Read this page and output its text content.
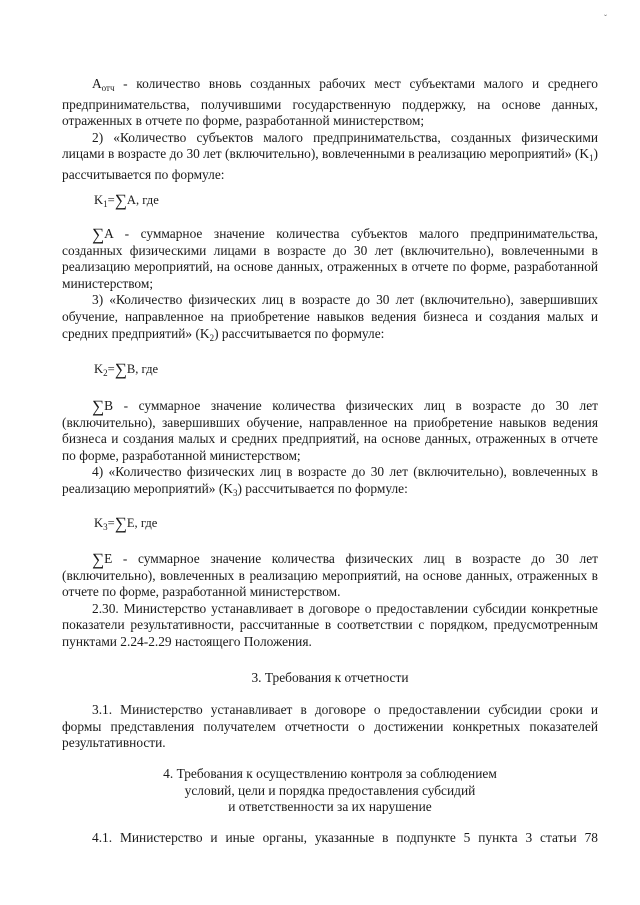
ˇ

$A_{отч}$ - количество вновь созданных рабочих мест субъектами малого и среднего предпринимательства, получившими государственную поддержку, на основе данных, отраженных в отчете по форме, разработанной министерством;

2) «Количество субъектов малого предпринимательства, созданных физическими лицами в возрасте до 30 лет (включительно), вовлеченными в реализацию мероприятий» $(K_1)$ рассчитывается по формуле:

$K_1=\sum A$, где

∑A - суммарное значение количества субъектов малого предпринимательства, созданных физическими лицами в возрасте до 30 лет (включительно), вовлеченными в реализацию мероприятий, на основе данных, отраженных в отчете по форме, разработанной министерством;

3) «Количество физических лиц в возрасте до 30 лет (включительно), завершивших обучение, направленное на приобретение навыков ведения бизнеса и создания малых и средних предприятий» $(K_2)$ рассчитывается по формуле:

$K_2=\sum B$, где

∑B - суммарное значение количества физических лиц в возрасте до 30 лет (включительно), завершивших обучение, направленное на приобретение навыков ведения бизнеса и создания малых и средних предприятий, на основе данных, отраженных в отчете по форме, разработанной министерством;

4) «Количество физических лиц в возрасте до 30 лет (включительно), вовлеченных в реализацию мероприятий» $(K_3)$ рассчитывается по формуле:

$K_3=\sum E$, где

∑E - суммарное значение количества физических лиц в возрасте до 30 лет (включительно), вовлеченных в реализацию мероприятий, на основе данных, отраженных в отчете по форме, разработанной министерством.

2.30. Министерство устанавливает в договоре о предоставлении субсидии конкретные показатели результативности, рассчитанные в соответствии с порядком, предусмотренным пунктами 2.24-2.29 настоящего Положения.

3. Требования к отчетности

3.1. Министерство устанавливает в договоре о предоставлении субсидии сроки и формы представления получателем отчетности о достижении конкретных показателей результативности.

4. Требования к осуществлению контроля за соблюдением
условий, цели и порядка предоставления субсидий
и ответственности за их нарушение

4.1. Министерство и иные органы, указанные в подпункте 5 пункта 3 статьи 78
